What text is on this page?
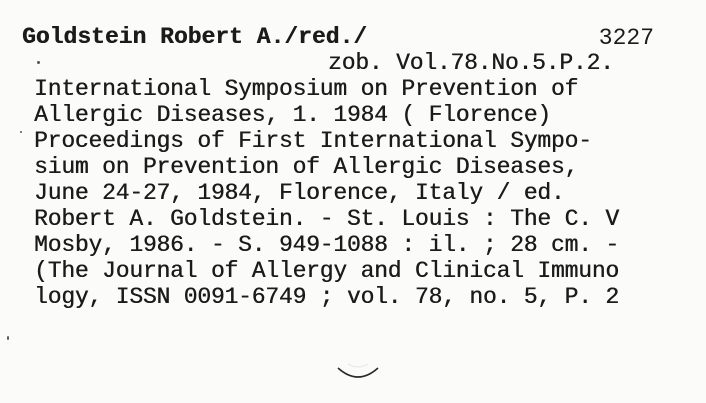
Goldstein Robert A./red./	3227
zob. Vol.78.No.5.P.2.
International Symposium on Prevention of
Allergic Diseases, 1. 1984 ( Florence)
Proceedings of First International Sympo-
sium on Prevention of Allergic Diseases,
June 24-27, 1984, Florence, Italy / ed.
Robert A. Goldstein. - St. Louis : The C. V
Mosby, 1986. - S. 949-1088 : il. ; 28 cm. -
(The Journal of Allergy and Clinical Immuno
logy, ISSN 0091-6749 ; vol. 78, no. 5, P. 2
